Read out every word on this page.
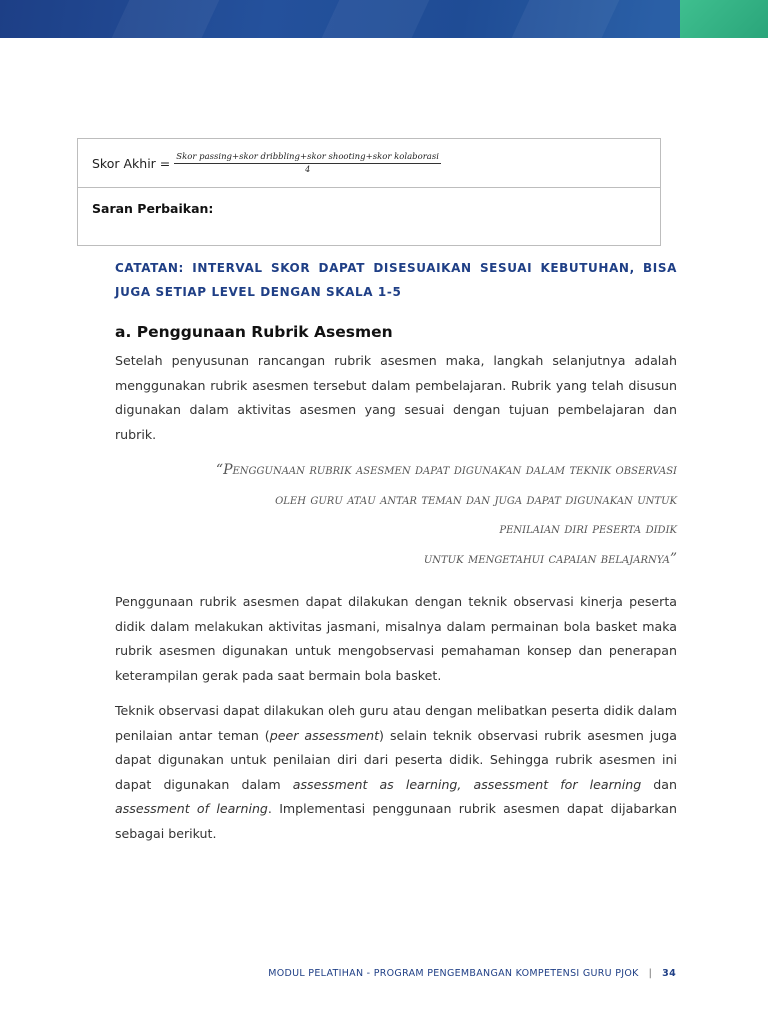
Skor Akhir = $\frac{\text{Skor passing+skor dribbling+skor shooting+skor kolaborasi}}{4}$
Saran Perbaikan:
CATATAN: INTERVAL SKOR DAPAT DISESUAIKAN SESUAI KEBUTUHAN, BISA JUGA SETIAP LEVEL DENGAN SKALA 1-5
a. Penggunaan Rubrik Asesmen
Setelah penyusunan rancangan rubrik asesmen maka, langkah selanjutnya adalah menggunakan rubrik asesmen tersebut dalam pembelajaran. Rubrik yang telah disusun digunakan dalam aktivitas asesmen yang sesuai dengan tujuan pembelajaran dan rubrik.
“Penggunaan rubrik asesmen dapat digunakan dalam teknik observasi
oleh guru atau antar teman dan juga dapat digunakan untuk
penilaian diri peserta didik
untuk mengetahui capaian belajarnya”
Penggunaan rubrik asesmen dapat dilakukan dengan teknik observasi kinerja peserta didik dalam melakukan aktivitas jasmani, misalnya dalam permainan bola basket maka rubrik asesmen digunakan untuk mengobservasi pemahaman konsep dan penerapan keterampilan gerak pada saat bermain bola basket.
Teknik observasi dapat dilakukan oleh guru atau dengan melibatkan peserta didik dalam penilaian antar teman (peer assessment) selain teknik observasi rubrik asesmen juga dapat digunakan untuk penilaian diri dari peserta didik. Sehingga rubrik asesmen ini dapat digunakan dalam assessment as learning, assessment for learning dan assessment of learning. Implementasi penggunaan rubrik asesmen dapat dijabarkan sebagai berikut.
MODUL PELATIHAN - PROGRAM PENGEMBANGAN KOMPETENSI GURU PJOK | 34
